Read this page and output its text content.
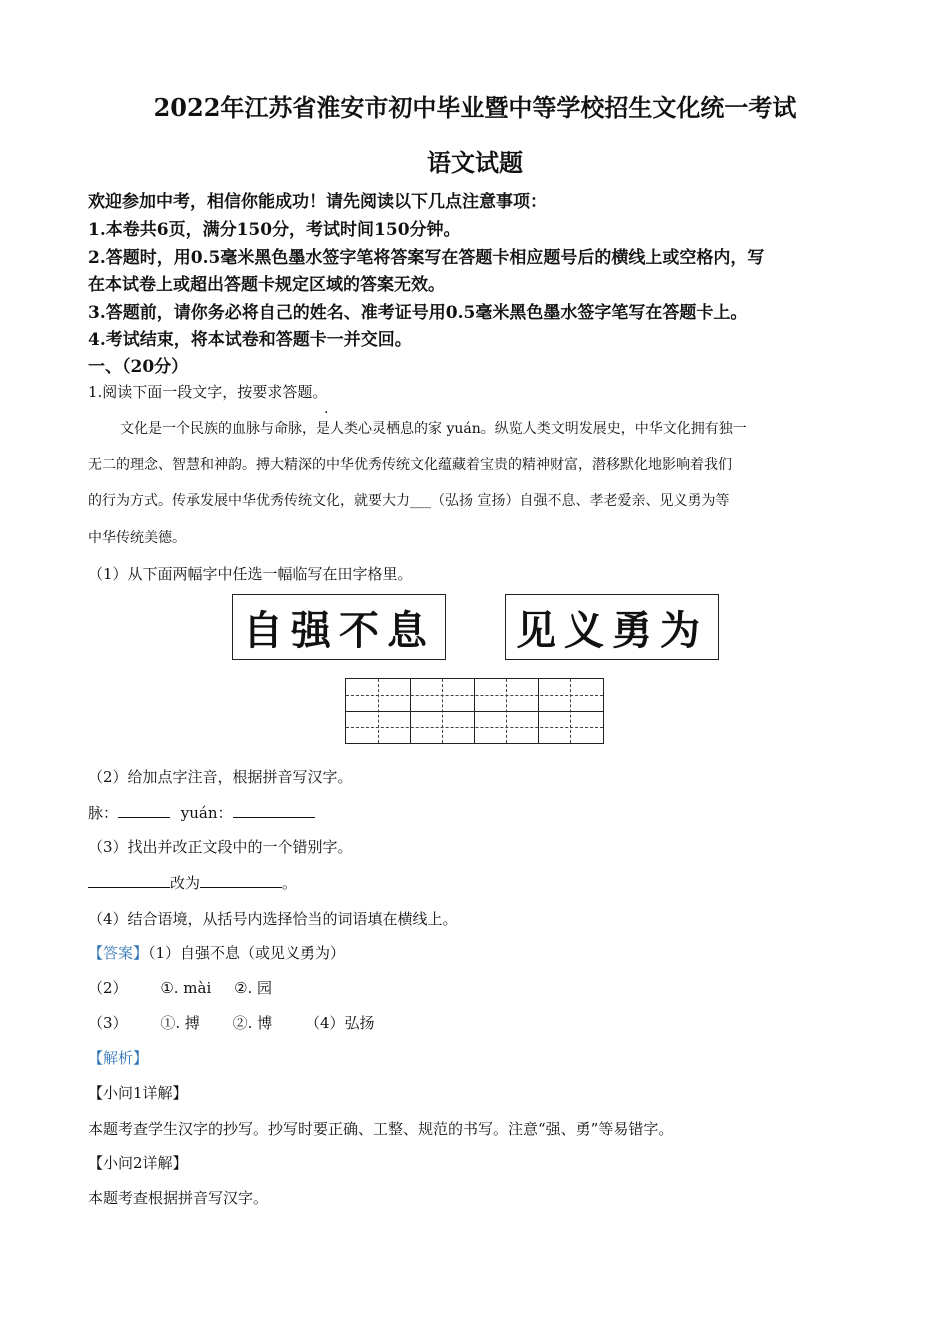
2022年江苏省淮安市初中毕业暨中等学校招生文化统一考试
语文试题
欢迎参加中考，相信你能成功！请先阅读以下几点注意事项：
1.本卷共6页，满分150分，考试时间150分钟。
2.答题时，用0.5毫米黑色墨水签字笔将答案写在答题卡相应题号后的横线上或空格内，写
在本试卷上或超出答题卡规定区域的答案无效。
3.答题前，请你务必将自己的姓名、准考证号用0.5毫米黑色墨水签字笔写在答题卡上。
4.考试结束，将本试卷和答题卡一并交回。
一、（20分）
1.阅读下面一段文字，按要求答题。
·
文化是一个民族的血脉与命脉，是人类心灵栖息的家 yuán。纵览人类文明发展史，中华文化拥有独一
无二的理念、智慧和神韵。搏大精深的中华优秀传统文化蕴藏着宝贵的精神财富，潜移默化地影响着我们
的行为方式。传承发展中华优秀传统文化，就要大力___（弘扬 宣扬）自强不息、孝老爱亲、见义勇为等
中华传统美德。
（1）从下面两幅字中任选一幅临写在田字格里。
自强不息 见义勇为
（2）给加点字注音，根据拼音写汉字。
脉：	yuán：
（3）找出并改正文段中的一个错别字。
改为	。
（4）结合语境，从括号内选择恰当的词语填在横线上。
【答案】（1）自强不息（或见义勇为）
（2） ①. mài ②. 园
（3） ①. 搏 ②. 博 （4）弘扬
【解析】
【小问1详解】
本题考查学生汉字的抄写。抄写时要正确、工整、规范的书写。注意“强、勇”等易错字。
【小问2详解】
本题考查根据拼音写汉字。
